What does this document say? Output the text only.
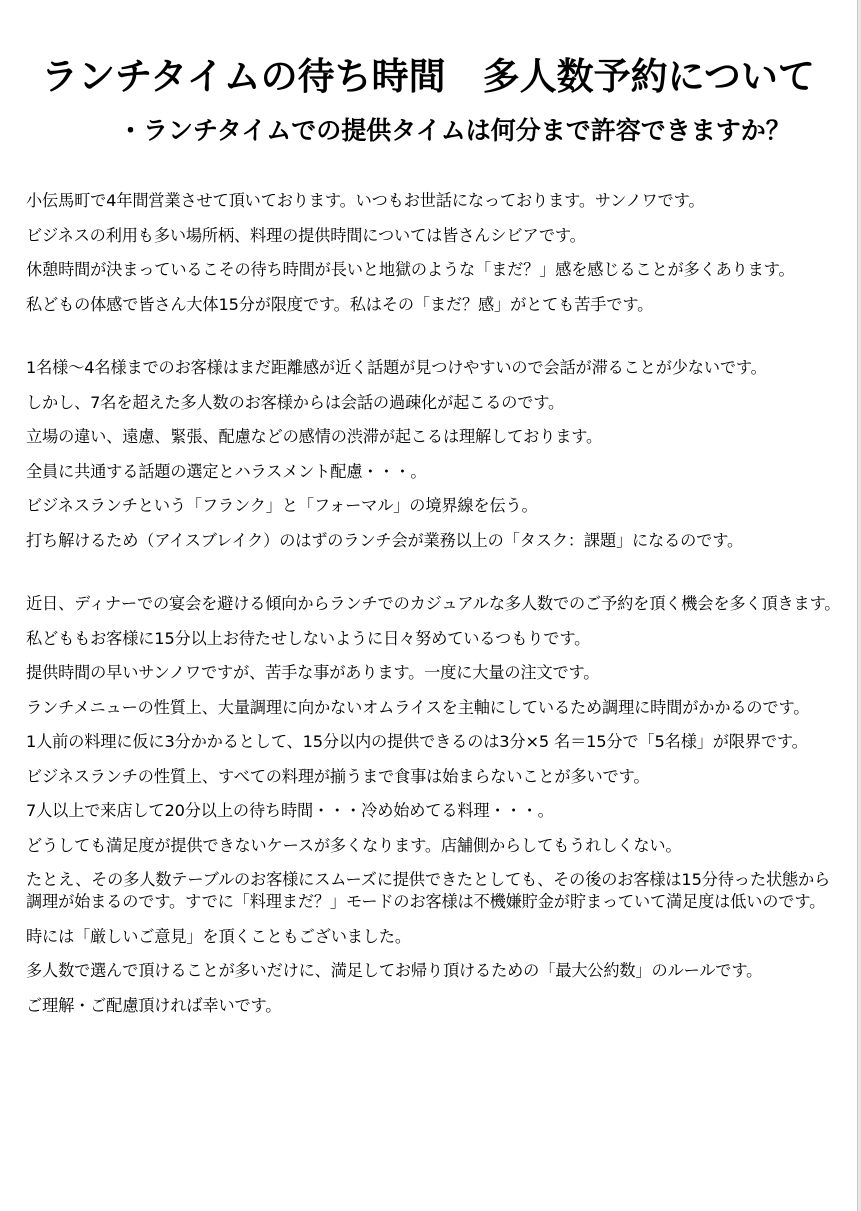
ランチタイムの待ち時間　多人数予約について
・ランチタイムでの提供タイムは何分まで許容できますか？

小伝馬町で4年間営業させて頂いております。いつもお世話になっております。サンノワです。

ビジネスの利用も多い場所柄、料理の提供時間については皆さんシビアです。

休憩時間が決まっているこその待ち時間が長いと地獄のような「まだ？」感を感じることが多くあります。

私どもの体感で皆さん大体15分が限度です。私はその「まだ？感」がとても苦手です。

1名様～4名様までのお客様はまだ距離感が近く話題が見つけやすいので会話が滞ることが少ないです。

しかし、7名を超えた多人数のお客様からは会話の過疎化が起こるのです。

立場の違い、遠慮、緊張、配慮などの感情の渋滞が起こるは理解しております。

全員に共通する話題の選定とハラスメント配慮・・・。

ビジネスランチという「フランク」と「フォーマル」の境界線を伝う。

打ち解けるため（アイスブレイク）のはずのランチ会が業務以上の「タスク：課題」になるのです。

近日、ディナーでの宴会を避ける傾向からランチでのカジュアルな多人数でのご予約を頂く機会を多く頂きます。

私どももお客様に15分以上お待たせしないように日々努めているつもりです。

提供時間の早いサンノワですが、苦手な事があります。一度に大量の注文です。

ランチメニューの性質上、大量調理に向かないオムライスを主軸にしているため調理に時間がかかるのです。

1人前の料理に仮に3分かかるとして、15分以内の提供できるのは3分×5 名＝15分で「5名様」が限界です。

ビジネスランチの性質上、すべての料理が揃うまで食事は始まらないことが多いです。

7人以上で来店して20分以上の待ち時間・・・冷め始めてる料理・・・。

どうしても満足度が提供できないケースが多くなります。店舗側からしてもうれしくない。

たとえ、その多人数テーブルのお客様にスムーズに提供できたとしても、その後のお客様は15分待った状態から調理が始まるのです。すでに「料理まだ？」モードのお客様は不機嫌貯金が貯まっていて満足度は低いのです。

時には「厳しいご意見」を頂くこともございました。

多人数で選んで頂けることが多いだけに、満足してお帰り頂けるための「最大公約数」のルールです。

ご理解・ご配慮頂ければ幸いです。
